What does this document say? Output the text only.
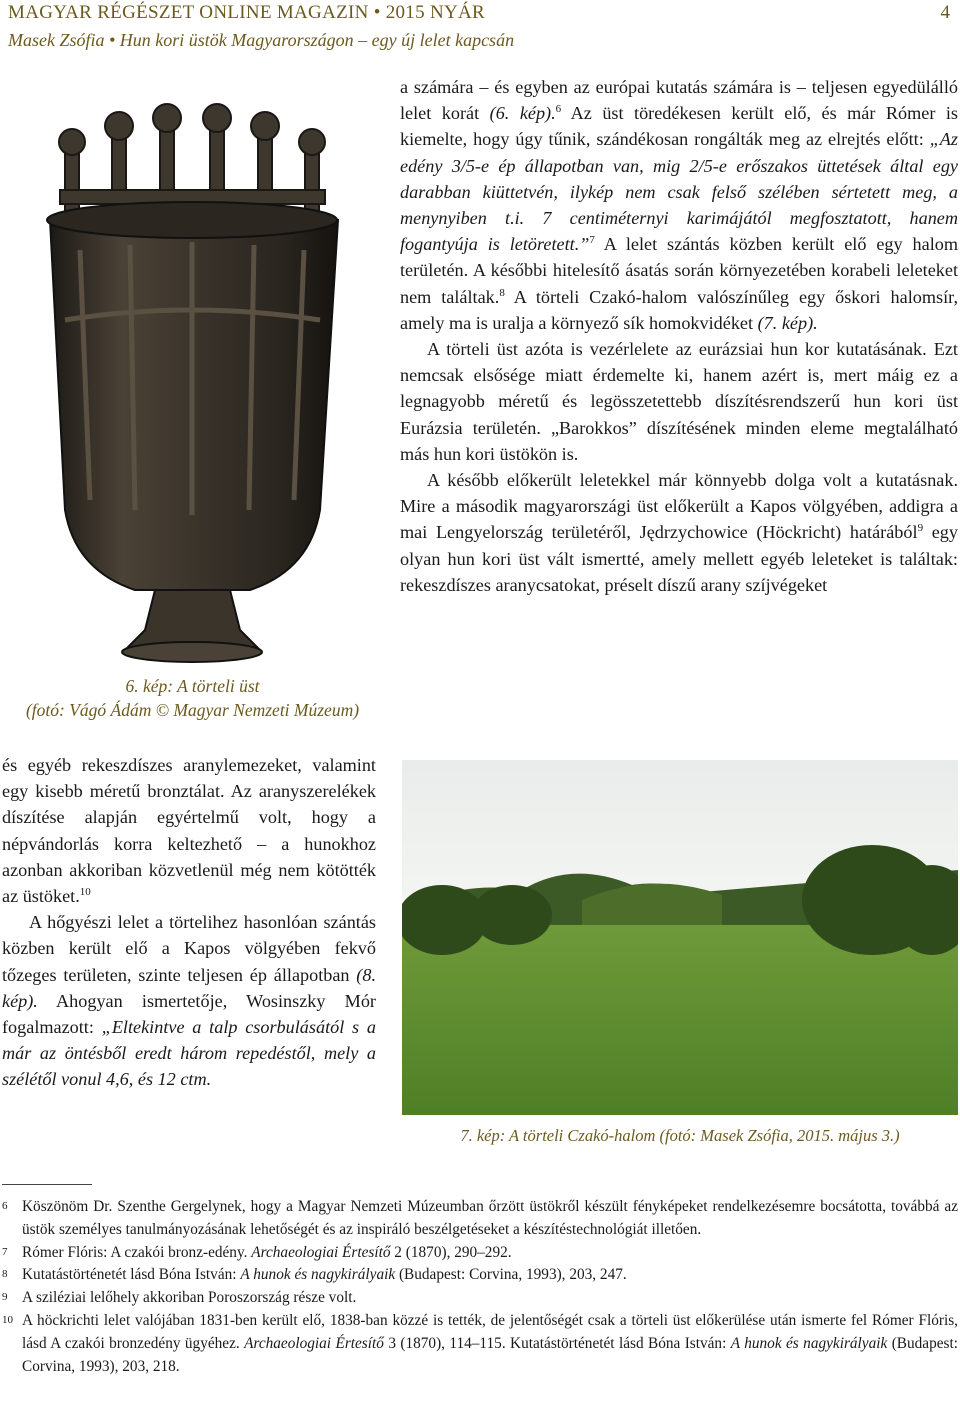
MAGYAR RÉGÉSZET ONLINE MAGAZIN • 2015 NYÁR	4
Masek Zsófia • Hun kori üstök Magyarországon – egy új lelet kapcsán
6. kép: A törteli üst
(fotó: Vágó Ádám © Magyar Nemzeti Múzeum)

a számára – és egyben az európai kutatás számára is – teljesen egyedülálló lelet korát (6. kép).$^6$ Az üst töredékesen került elő, és már Rómer is kiemelte, hogy úgy tűnik, szándékosan rongálták meg az elrejtés előtt: „Az edény 3/5-e ép állapotban van, mig 2/5-e erőszakos üttetések által egy darabban kiüttetvén, ilykép nem csak felső szélében sértetett meg, a menynyiben t.i. 7 centiméternyi karimájától megfosztatott, hanem fogantyúja is letöretett.”$^7$ A lelet szántás közben került elő egy halom területén. A későbbi hitelesítő ásatás során környezetében korabeli leleteket nem találtak.$^8$ A törteli Czakó-halom valószínűleg egy őskori halomsír, amely ma is uralja a környező sík homokvidéket (7. kép).

A törteli üst azóta is vezérlelete az eurázsiai hun kor kutatásának. Ezt nemcsak elsősége miatt érdemelte ki, hanem azért is, mert máig ez a legnagyobb méretű és legösszetettebb díszítésrendszerű hun kori üst Eurázsia területén. „Barokkos” díszítésének minden eleme megtalálható más hun kori üstökön is.

A később előkerült leletekkel már könnyebb dolga volt a kutatásnak. Mire a második magyarországi üst előkerült a Kapos völgyében, addigra a mai Lengyelország területéről, Jędrzychowice (Höckricht) határából$^9$ egy olyan hun kori üst vált ismertté, amely mellett egyéb leleteket is találtak: rekeszdíszes aranycsatokat, préselt díszű arany szíjvégeket

7. kép: A törteli Czakó-halom (fotó: Masek Zsófia, 2015. május 3.)

és egyéb rekeszdíszes aranylemezeket, valamint egy kisebb méretű bronztálat. Az aranyszerelékek díszítése alapján egyértelmű volt, hogy a népvándorlás korra keltezhető – a hunokhoz azonban akkoriban közvetlenül még nem kötötték az üstöket.$^{10}$

A hőgyészi lelet a törtelihez hasonlóan szántás közben került elő a Kapos völgyében fekvő tőzeges területen, szinte teljesen ép állapotban (8. kép). Ahogyan ismertetője, Wosinszky Mór fogalmazott: „Eltekintve a talp csorbulásától s a már az öntésből eredt három repedéstől, mely a szélétől vonul 4,6, és 12 ctm.

6 Köszönöm Dr. Szenthe Gergelynek, hogy a Magyar Nemzeti Múzeumban őrzött üstökről készült fényképeket rendelkezésemre bocsátotta, továbbá az üstök személyes tanulmányozásának lehetőségét és az inspiráló beszélgetéseket a készítéstechnológiát illetően.
7 Rómer Flóris: A czakói bronz-edény. Archaeologiai Értesítő 2 (1870), 290–292.
8 Kutatástörténetét lásd Bóna István: A hunok és nagykirályaik (Budapest: Corvina, 1993), 203, 247.
9 A sziléziai lelőhely akkoriban Poroszország része volt.
10 A höckrichti lelet valójában 1831-ben került elő, 1838-ban közzé is tették, de jelentőségét csak a törteli üst előkerülése után ismerte fel Rómer Flóris, lásd A czakói bronzedény ügyéhez. Archaeologiai Értesítő 3 (1870), 114–115. Kutatástörténetét lásd Bóna István: A hunok és nagykirályaik (Budapest: Corvina, 1993), 203, 218.
